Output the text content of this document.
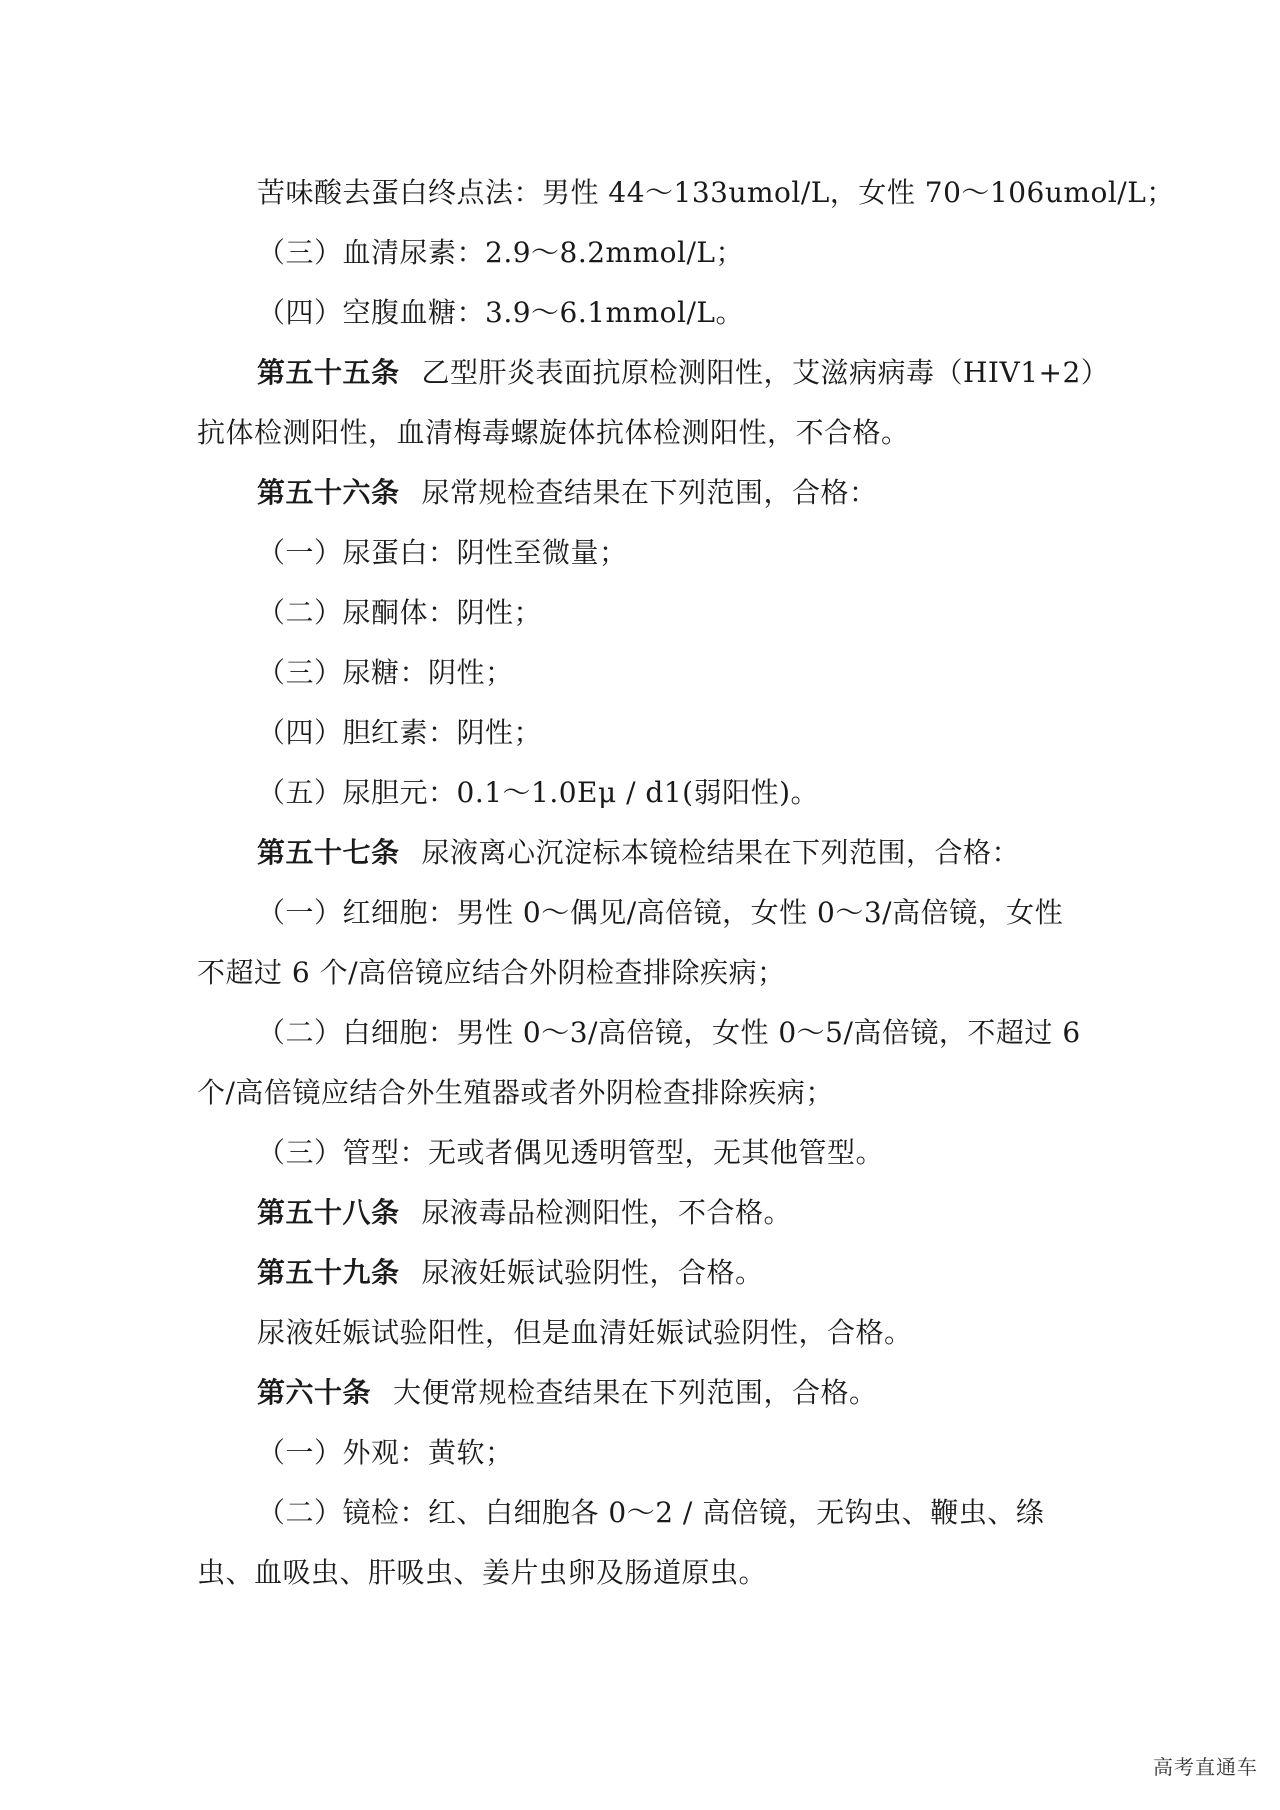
苦味酸去蛋白终点法：男性 44～133umol/L，女性 70～106umol/L；
（三）血清尿素：2.9～8.2mmol/L；
（四）空腹血糖：3.9～6.1mmol/L。
第五十五条 乙型肝炎表面抗原检测阳性，艾滋病病毒（HIV1+2）
抗体检测阳性，血清梅毒螺旋体抗体检测阳性，不合格。
第五十六条 尿常规检查结果在下列范围，合格：
（一）尿蛋白：阴性至微量；
（二）尿酮体：阴性；
（三）尿糖：阴性；
（四）胆红素：阴性；
（五）尿胆元：0.1～1.0Eμ / d1(弱阳性)。
第五十七条 尿液离心沉淀标本镜检结果在下列范围，合格：
（一）红细胞：男性 0～偶见/高倍镜，女性 0～3/高倍镜，女性
不超过 6 个/高倍镜应结合外阴检查排除疾病；
（二）白细胞：男性 0～3/高倍镜，女性 0～5/高倍镜，不超过 6
个/高倍镜应结合外生殖器或者外阴检查排除疾病；
（三）管型：无或者偶见透明管型，无其他管型。
第五十八条 尿液毒品检测阳性，不合格。
第五十九条 尿液妊娠试验阴性，合格。
尿液妊娠试验阳性，但是血清妊娠试验阴性，合格。
第六十条 大便常规检查结果在下列范围，合格。
（一）外观：黄软；
（二）镜检：红、白细胞各 0～2 / 高倍镜，无钩虫、鞭虫、绦
虫、血吸虫、肝吸虫、姜片虫卵及肠道原虫。
高考直通车
